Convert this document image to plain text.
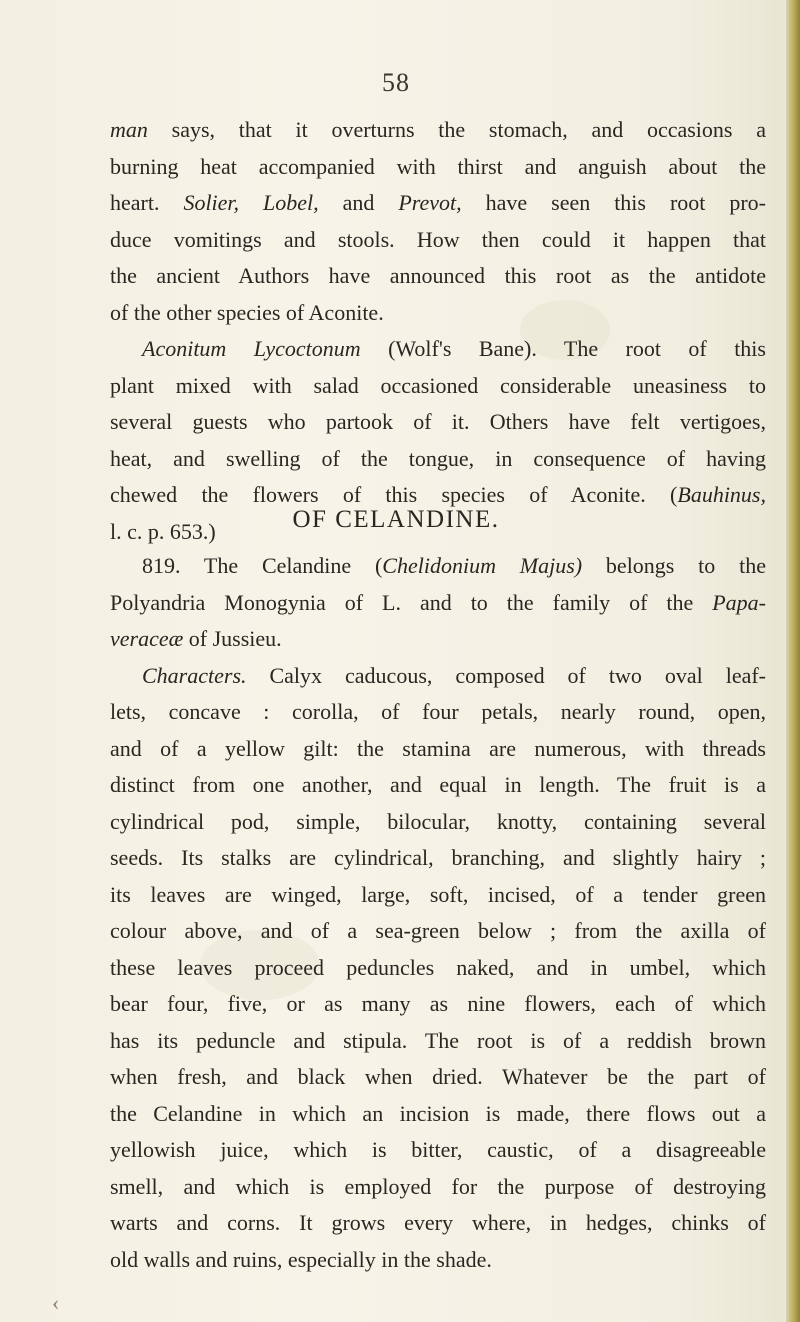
58
man says, that it overturns the stomach, and occasions a
burning heat accompanied with thirst and anguish about the
heart. Solier, Lobel, and Prevot, have seen this root pro-
duce vomitings and stools. How then could it happen that
the ancient Authors have announced this root as the antidote
of the other species of Aconite.
Aconitum Lycoctonum (Wolf's Bane). The root of this
plant mixed with salad occasioned considerable uneasiness to
several guests who partook of it. Others have felt vertigoes,
heat, and swelling of the tongue, in consequence of having
chewed the flowers of this species of Aconite. (Bauhinus,
l. c. p. 653.)	OF CELANDINE.
819. The Celandine (Chelidonium Majus) belongs to the
Polyandria Monogynia of L. and to the family of the Papa-
veraceæ of Jussieu.
Characters. Calyx caducous, composed of two oval leaf-
lets, concave : corolla, of four petals, nearly round, open,
and of a yellow gilt: the stamina are numerous, with threads
distinct from one another, and equal in length. The fruit is a
cylindrical pod, simple, bilocular, knotty, containing several
seeds. Its stalks are cylindrical, branching, and slightly hairy ;
its leaves are winged, large, soft, incised, of a tender green
colour above, and of a sea-green below ; from the axilla of
these leaves proceed peduncles naked, and in umbel, which
bear four, five, or as many as nine flowers, each of which
has its peduncle and stipula. The root is of a reddish brown
when fresh, and black when dried. Whatever be the part of
the Celandine in which an incision is made, there flows out a
yellowish juice, which is bitter, caustic, of a disagreeable
smell, and which is employed for the purpose of destroying
warts and corns. It grows every where, in hedges, chinks of
old walls and ruins, especially in the shade.
‹
